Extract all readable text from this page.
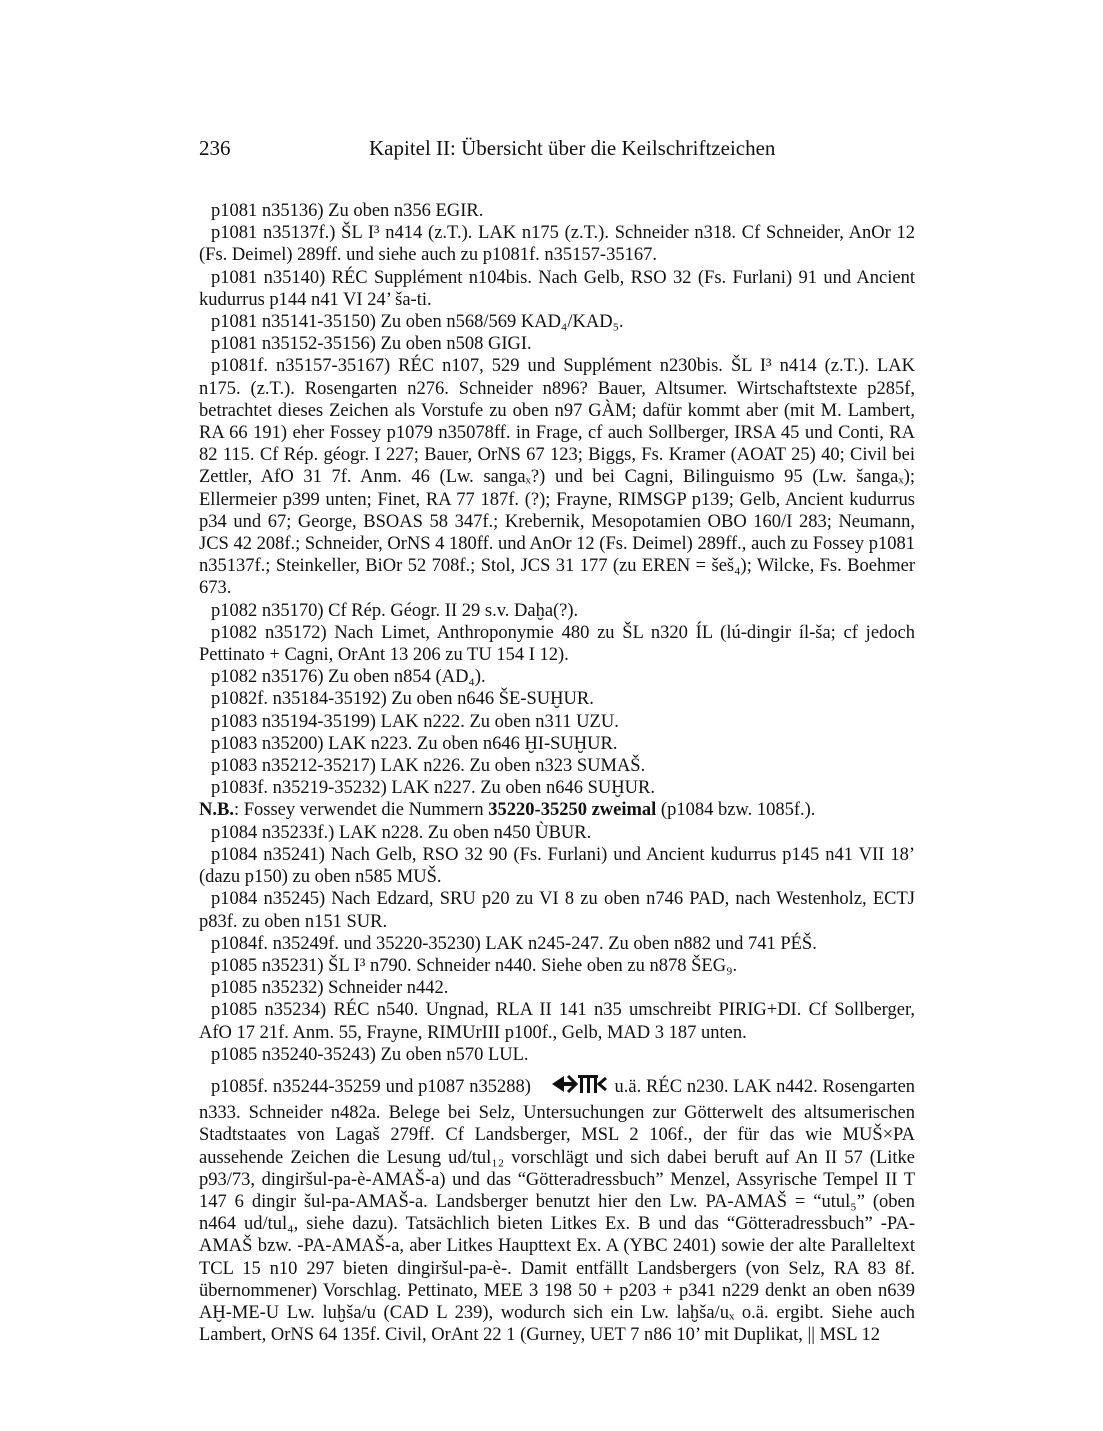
236	Kapitel II: Übersicht über die Keilschriftzeichen

p1081 n35136) Zu oben n356 EGIR.

p1081 n35137f.) ŠL I³ n414 (z.T.). LAK n175 (z.T.). Schneider n318. Cf Schneider, AnOr 12 (Fs. Deimel) 289ff. und siehe auch zu p1081f. n35157-35167.

p1081 n35140) RÉC Supplément n104bis. Nach Gelb, RSO 32 (Fs. Furlani) 91 und Ancient kudurrus p144 n41 VI 24’ ša-ti.

p1081 n35141-35150) Zu oben n568/569 KAD₄/KAD₅.

p1081 n35152-35156) Zu oben n508 GIGI.

p1081f. n35157-35167) RÉC n107, 529 und Supplément n230bis. ŠL I³ n414 (z.T.). LAK n175. (z.T.). Rosengarten n276. Schneider n896? Bauer, Altsumer. Wirtschaftstexte p285f, betrachtet dieses Zeichen als Vorstufe zu oben n97 GÀM; dafür kommt aber (mit M. Lambert, RA 66 191) eher Fossey p1079 n35078ff. in Frage, cf auch Sollberger, IRSA 45 und Conti, RA 82 115. Cf Rép. géogr. I 227; Bauer, OrNS 67 123; Biggs, Fs. Kramer (AOAT 25) 40; Civil bei Zettler, AfO 31 7f. Anm. 46 (Lw. sangaₓ?) und bei Cagni, Bilinguismo 95 (Lw. šangaₓ); Ellermeier p399 unten; Finet, RA 77 187f. (?); Frayne, RIMSGP p139; Gelb, Ancient kudurrus p34 und 67; George, BSOAS 58 347f.; Krebernik, Mesopotamien OBO 160/I 283; Neumann, JCS 42 208f.; Schneider, OrNS 4 180ff. und AnOr 12 (Fs. Deimel) 289ff., auch zu Fossey p1081 n35137f.; Steinkeller, BiOr 52 708f.; Stol, JCS 31 177 (zu EREN = šeš₄); Wilcke, Fs. Boehmer 673.

p1082 n35170) Cf Rép. Géogr. II 29 s.v. Daḫa(?).

p1082 n35172) Nach Limet, Anthroponymie 480 zu ŠL n320 ÍL (lú-dingir íl-ša; cf jedoch Pettinato + Cagni, OrAnt 13 206 zu TU 154 I 12).

p1082 n35176) Zu oben n854 (AD₄).

p1082f. n35184-35192) Zu oben n646 ŠE-SUḪUR.

p1083 n35194-35199) LAK n222. Zu oben n311 UZU.

p1083 n35200) LAK n223. Zu oben n646 ḪI-SUḪUR.

p1083 n35212-35217) LAK n226. Zu oben n323 SUMAŠ.

p1083f. n35219-35232) LAK n227. Zu oben n646 SUḪUR.

N.B.: Fossey verwendet die Nummern 35220-35250 zweimal (p1084 bzw. 1085f.).

p1084 n35233f.) LAK n228. Zu oben n450 ÙBUR.

p1084 n35241) Nach Gelb, RSO 32 90 (Fs. Furlani) und Ancient kudurrus p145 n41 VII 18’ (dazu p150) zu oben n585 MUŠ.

p1084 n35245) Nach Edzard, SRU p20 zu VI 8 zu oben n746 PAD, nach Westenholz, ECTJ p83f. zu oben n151 SUR.

p1084f. n35249f. und 35220-35230) LAK n245-247. Zu oben n882 und 741 PÉŠ.

p1085 n35231) ŠL I³ n790. Schneider n440. Siehe oben zu n878 ŠEG₉.

p1085 n35232) Schneider n442.

p1085 n35234) RÉC n540. Ungnad, RLA II 141 n35 umschreibt PIRIG+DI. Cf Sollberger, AfO 17 21f. Anm. 55, Frayne, RIMUrIII p100f., Gelb, MAD 3 187 unten.

p1085 n35240-35243) Zu oben n570 LUL.

p1085f. n35244-35259 und p1087 n35288)	u.ä. RÉC n230. LAK n442. Rosengarten n333. Schneider n482a. Belege bei Selz, Untersuchungen zur Götterwelt des altsumerischen Stadtstaates von Lagaš 279ff. Cf Landsberger, MSL 2 106f., der für das wie MUŠ×PA aussehende Zeichen die Lesung ud/tul₁₂ vorschlägt und sich dabei beruft auf An II 57 (Litke p93/73, dingiršul-pa-è-AMAŠ-a) und das “Götteradressbuch” Menzel, Assyrische Tempel II T 147 6 dingir šul-pa-AMAŠ-a. Landsberger benutzt hier den Lw. PA-AMAŠ = “utul₅” (oben n464 ud/tul₄, siehe dazu). Tatsächlich bieten Litkes Ex. B und das “Götteradressbuch” -PA-AMAŠ bzw. -PA-AMAŠ-a, aber Litkes Haupttext Ex. A (YBC 2401) sowie der alte Paralleltext TCL 15 n10 297 bieten dingiršul-pa-è-. Damit entfällt Landsbergers (von Selz, RA 83 8f. übernommener) Vorschlag. Pettinato, MEE 3 198 50 + p203 + p341 n229 denkt an oben n639 AḪ-ME-U Lw. luḫša/u (CAD L 239), wodurch sich ein Lw. laḫša/uₓ o.ä. ergibt. Siehe auch Lambert, OrNS 64 135f. Civil, OrAnt 22 1 (Gurney, UET 7 n86 10’ mit Duplikat, || MSL 12
